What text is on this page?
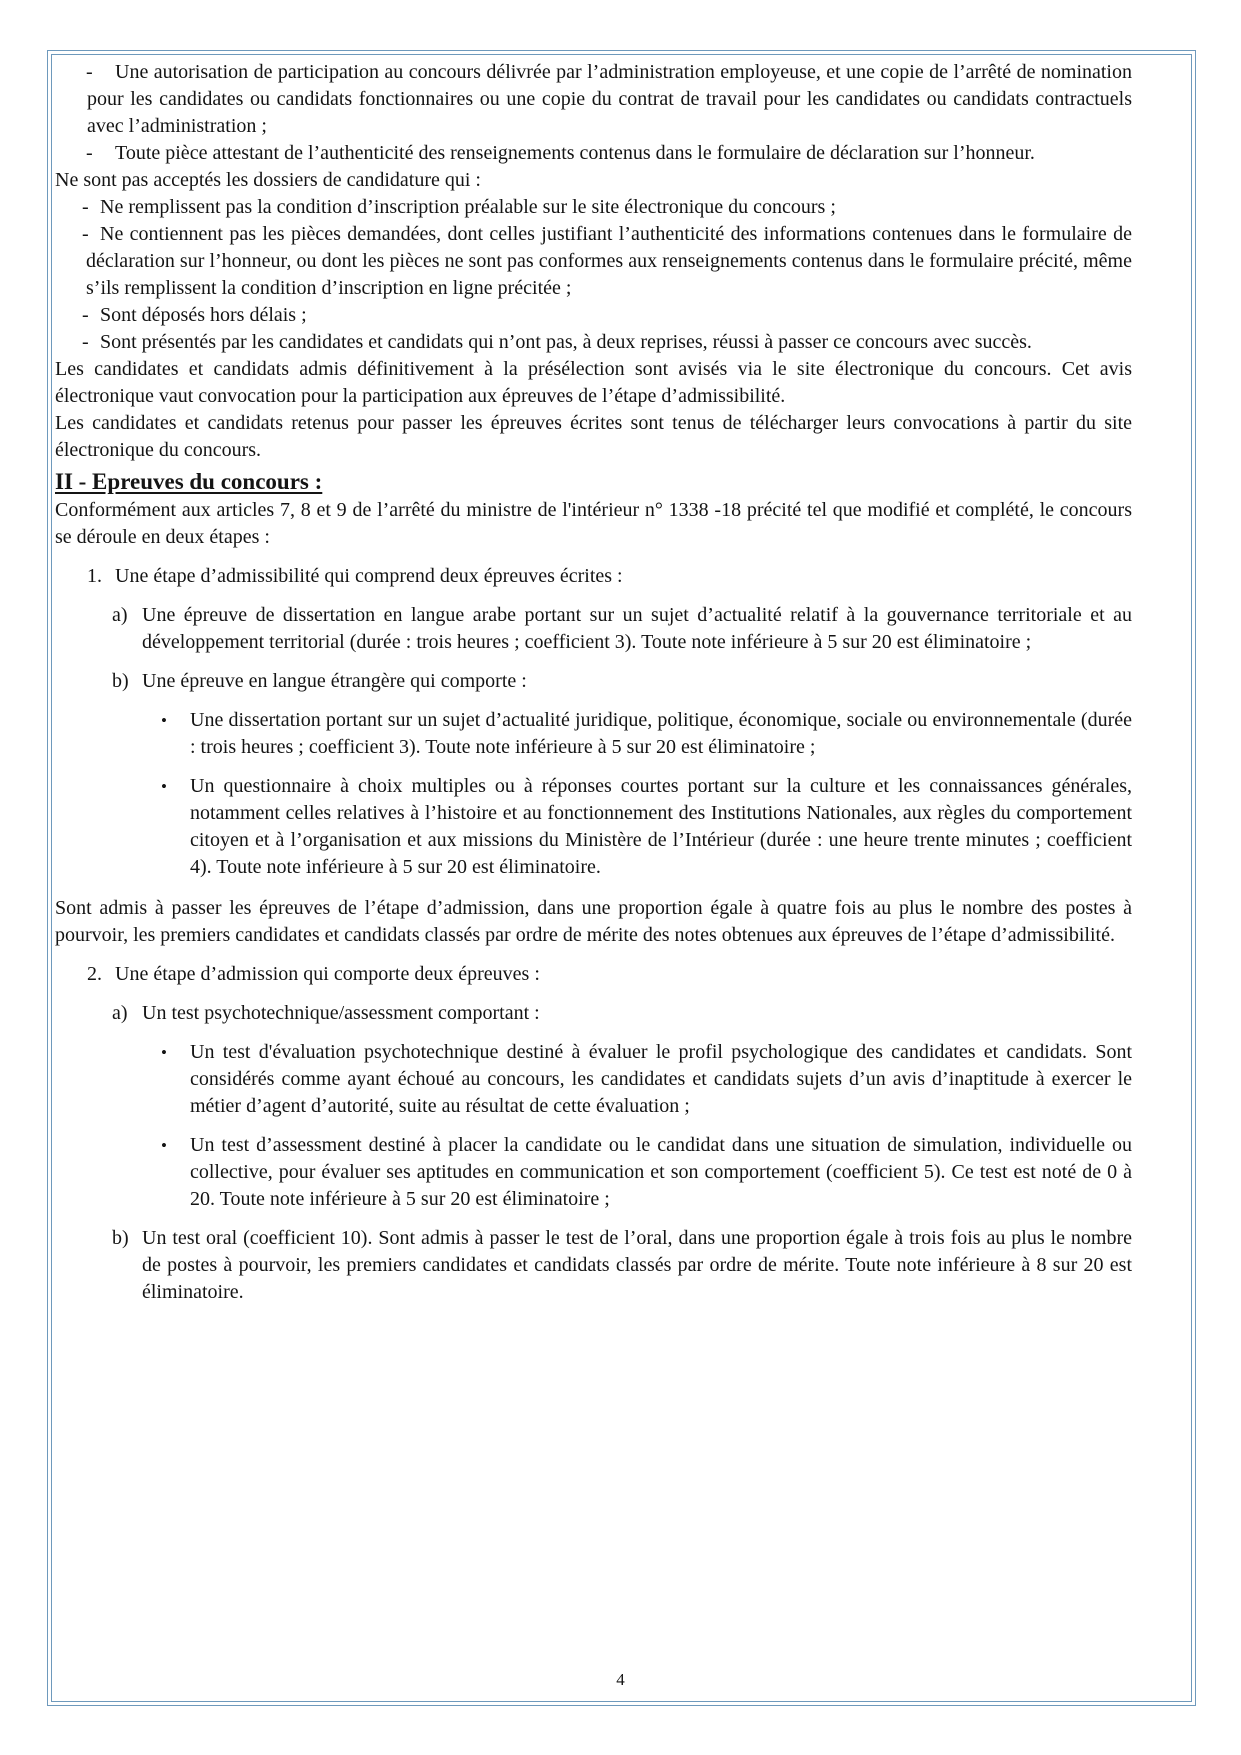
- Une autorisation de participation au concours délivrée par l’administration employeuse, et une copie de l’arrêté de nomination pour les candidates ou candidats fonctionnaires ou une copie du contrat de travail pour les candidates ou candidats contractuels avec l’administration ;
- Toute pièce attestant de l’authenticité des renseignements contenus dans le formulaire de déclaration sur l’honneur.
Ne sont pas acceptés les dossiers de candidature qui :
- Ne remplissent pas la condition d’inscription préalable sur le site électronique du concours ;
- Ne contiennent pas les pièces demandées, dont celles justifiant l’authenticité des informations contenues dans le formulaire de déclaration sur l’honneur, ou dont les pièces ne sont pas conformes aux renseignements contenus dans le formulaire précité, même s’ils remplissent la condition d’inscription en ligne précitée ;
- Sont déposés hors délais ;
- Sont présentés par les candidates et candidats qui n’ont pas, à deux reprises, réussi à passer ce concours avec succès.
Les candidates et candidats admis définitivement à la présélection sont avisés via le site électronique du concours. Cet avis électronique vaut convocation pour la participation aux épreuves de l’étape d’admissibilité.
Les candidates et candidats retenus pour passer les épreuves écrites sont tenus de télécharger leurs convocations à partir du site électronique du concours.
II - Epreuves du concours :
Conformément aux articles 7, 8 et 9 de l’arrêté du ministre de l'intérieur n° 1338 -18 précité tel que modifié et complété, le concours se déroule en deux étapes :
1. Une étape d’admissibilité qui comprend deux épreuves écrites :
a) Une épreuve de dissertation en langue arabe portant sur un sujet d’actualité relatif à la gouvernance territoriale et au développement territorial (durée : trois heures ; coefficient 3). Toute note inférieure à 5 sur 20 est éliminatoire ;
b) Une épreuve en langue étrangère qui comporte :
• Une dissertation portant sur un sujet d’actualité juridique, politique, économique, sociale ou environnementale (durée : trois heures ; coefficient 3). Toute note inférieure à 5 sur 20 est éliminatoire ;
• Un questionnaire à choix multiples ou à réponses courtes portant sur la culture et les connaissances générales, notamment celles relatives à l’histoire et au fonctionnement des Institutions Nationales, aux règles du comportement citoyen et à l’organisation et aux missions du Ministère de l’Intérieur (durée : une heure trente minutes ; coefficient 4). Toute note inférieure à 5 sur 20 est éliminatoire.
Sont admis à passer les épreuves de l’étape d’admission, dans une proportion égale à quatre fois au plus le nombre des postes à pourvoir, les premiers candidates et candidats classés par ordre de mérite des notes obtenues aux épreuves de l’étape d’admissibilité.
2. Une étape d’admission qui comporte deux épreuves :
a) Un test psychotechnique/assessment comportant :
• Un test d'évaluation psychotechnique destiné à évaluer le profil psychologique des candidates et candidats. Sont considérés comme ayant échoué au concours, les candidates et candidats sujets d’un avis d’inaptitude à exercer le métier d’agent d’autorité, suite au résultat de cette évaluation ;
• Un test d’assessment destiné à placer la candidate ou le candidat dans une situation de simulation, individuelle ou collective, pour évaluer ses aptitudes en communication et son comportement (coefficient 5). Ce test est noté de 0 à 20. Toute note inférieure à 5 sur 20 est éliminatoire ;
b) Un test oral (coefficient 10). Sont admis à passer le test de l’oral, dans une proportion égale à trois fois au plus le nombre de postes à pourvoir, les premiers candidates et candidats classés par ordre de mérite. Toute note inférieure à 8 sur 20 est éliminatoire.
4
